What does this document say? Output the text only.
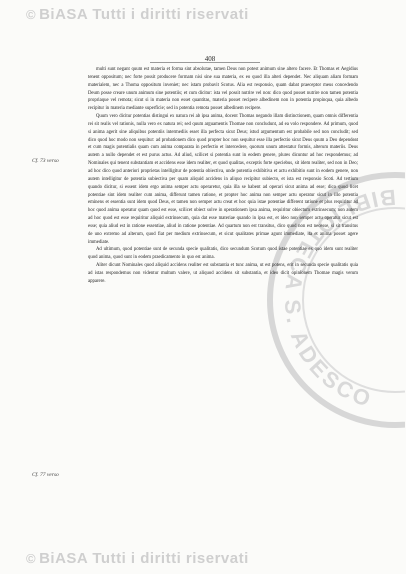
© BiASA Tutti i diritti riservati
BIBLIOTECA S. ADESCO
408
Cf. 73 verso
Cf. 77 verso

multi sunt negant quum est materia et forma sint absolutae, tamen Deus non potest animum sine altero facere. Et Thomas et Aegidius tenent oppositum; nec forte possit producere formam nisi sine sua materia, ex eo quod illa alteri dependet. Nec aliquam aliam formam materialem, nec a Thoma oppositum inveniet; nec istam probavit Scotus. Alia est responsio, quam dabat praeceptor meus concedendo Deum posse creare unum animum sine potentiis; et cum dicitur: ista vel possit nutrire vel non: dico quod posset nutrire non tamen potentia propriaque vel remota; sicut si in materia non esset quantitas, materia posset recipere albedinem non in potentia propinqua, quia albedo recipitur in materia mediante superficie; sed in potentia remota posset albedinem recipere.

Quum vero dicitur potentias distingui ex natura rei ab ipsa anima, docent Thomas negando illam distinctionem, quam omnis differentia rei sit realis vel rationis, nulla vero ex natura rei; sed quum arguamentis Thomae non concludunt, ad ea volo respondere. Ad primum, quod si anima agerit sine aliquibus potentiis intermediis esset illa perfecta sicut Deus; istud argumentum est probabile sed non concludit; sed dico quod hoc modo non sequitur: ad probationem dico quod propter hoc non sequitur esse illa perfectio sicut Deus quum a Deo dependeat et cum magis potentialis quam cum anima comparata in perfectio et intercedere, quorum unum attestatur formis, alterum materiis. Deus autem a nullo dependet et est purus actus. Ad aliud, scilicet si potentia sunt in eodem genere, plures dicuntur ad hoc respondemus; ad Nominales qui tenent substantiam et accidens esse idem realiter, et quod qualitas, exceptis forte speciebus, sit idem realiter, sed non in Deo; ad hoc dico quod anteriori proprietas intelligitur de potentia obiectiva, unde potentia exhibitiva et actu exhibitio sunt in eodem genere, non autem intelligitur de potentia subiectiva per quam aliquid accidens in aliquo recipitur subiecto, et ista est responsio Scoti. Ad tertium quando dicitur, si essent idem ergo anima semper actu operaretur, quia illa se habent ad operari sicut anima ad esse; dico quod licet potentiae sint idem realiter cum anima, differunt tamen ratione, et propter hoc anima non semper actu operatur sicut in illo potentia eminens et essentia sunt idem quod Deus, et tamen non semper actu creat et hoc quia istae potentiae different ratione et plus requiritur ad hoc quod anima operatur quam quod est esse, scilicet obiect solve in operationem ipsa anima, requiritur obiectum extrinsecum; non autem ad hoc quod est esse requiritur aliquid extrinsecum, quia dat esse materiae quando in ipsa est, et ideo non semper actu operatur sicut est esse; quia aliud est in ratione essentiae, aliud in ratione potentiae. Ad quartum non est transitus, dico quod non est necesse, si sit transitus de uno extremo ad alterum, quod fiat per medium extrinsecum, et sicut qualitates primae agunt immediate, ita et anima posset agere immediate.

Ad ultimum, quod potentiae sunt de secunda specie qualitatis, dico secundum Scotum quod istae potentiae ex quo idem sunt realiter quod anima, quod sunt in eodem praedicamento in quo est anima.

Aliter dicunt Nominales quod aliquid accidens realiter est substantia et tunc anima, ut est potens, erit in secunda specie qualitatis quia ad istas respondemus non videntur multum valere, ut aliquod accidens sit substantia, et ideo dicit opinionem Thomae magis verum apparere.

© BiASA Tutti i diritti riservati
